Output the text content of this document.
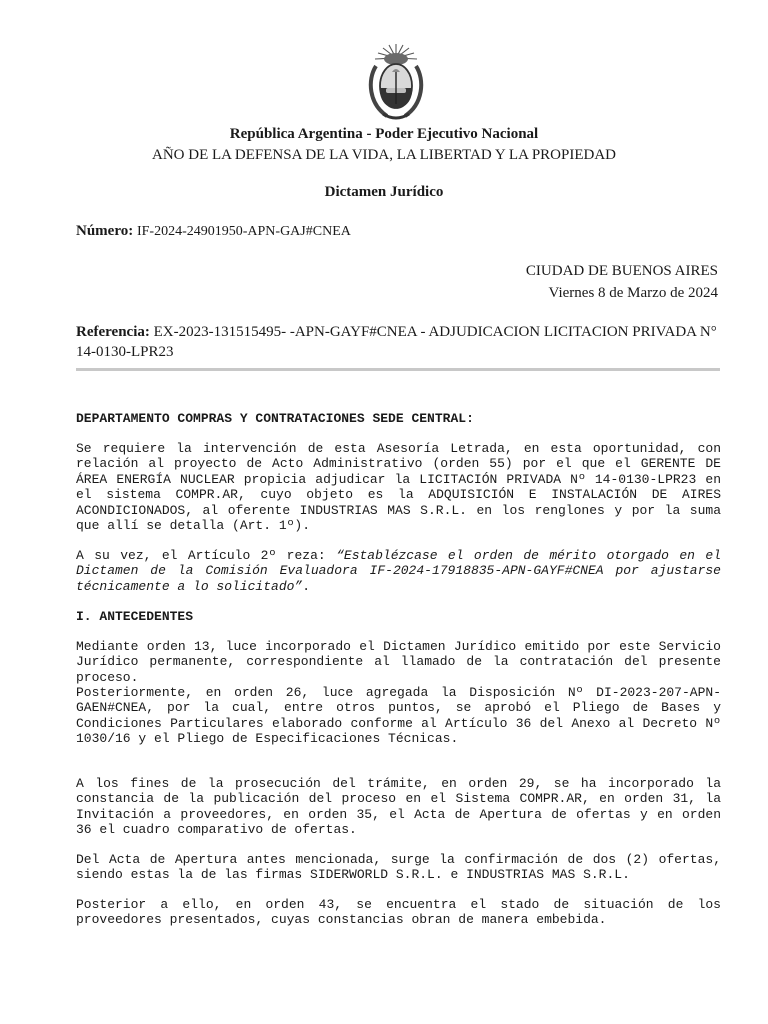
República Argentina - Poder Ejecutivo Nacional
AÑO DE LA DEFENSA DE LA VIDA, LA LIBERTAD Y LA PROPIEDAD
Dictamen Jurídico
Número: IF-2024-24901950-APN-GAJ#CNEA
CIUDAD DE BUENOS AIRES
Viernes 8 de Marzo de 2024
Referencia: EX-2023-131515495- -APN-GAYF#CNEA - ADJUDICACION LICITACION PRIVADA N° 14-0130-LPR23

DEPARTAMENTO COMPRAS Y CONTRATACIONES SEDE CENTRAL:

Se requiere la intervención de esta Asesoría Letrada, en esta oportunidad, con relación al proyecto de Acto Administrativo (orden 55) por el que el GERENTE DE ÁREA ENERGÍA NUCLEAR propicia adjudicar la LICITACIÓN PRIVADA Nº 14-0130-LPR23 en el sistema COMPR.AR, cuyo objeto es la ADQUISICIÓN E INSTALACIÓN DE AIRES ACONDICIONADOS, al oferente INDUSTRIAS MAS S.R.L. en los renglones y por la suma que allí se detalla (Art. 1º).

A su vez, el Artículo 2º reza: “Establézcase el orden de mérito otorgado en el Dictamen de la Comisión Evaluadora IF-2024-17918835-APN-GAYF#CNEA por ajustarse técnicamente a lo solicitado”.

I. ANTECEDENTES

Mediante orden 13, luce incorporado el Dictamen Jurídico emitido por este Servicio Jurídico permanente, correspondiente al llamado de la contratación del presente proceso.

Posteriormente, en orden 26, luce agregada la Disposición Nº DI-2023-207-APN-GAEN#CNEA, por la cual, entre otros puntos, se aprobó el Pliego de Bases y Condiciones Particulares elaborado conforme al Artículo 36 del Anexo al Decreto Nº 1030/16 y el Pliego de Especificaciones Técnicas.

A los fines de la prosecución del trámite, en orden 29, se ha incorporado la constancia de la publicación del proceso en el Sistema COMPR.AR, en orden 31, la Invitación a proveedores, en orden 35, el Acta de Apertura de ofertas y en orden 36 el cuadro comparativo de ofertas.

Del Acta de Apertura antes mencionada, surge la confirmación de dos (2) ofertas, siendo estas la de las firmas SIDERWORLD S.R.L. e INDUSTRIAS MAS S.R.L.

Posterior a ello, en orden 43, se encuentra el stado de situación de los proveedores presentados, cuyas constancias obran de manera embebida.
